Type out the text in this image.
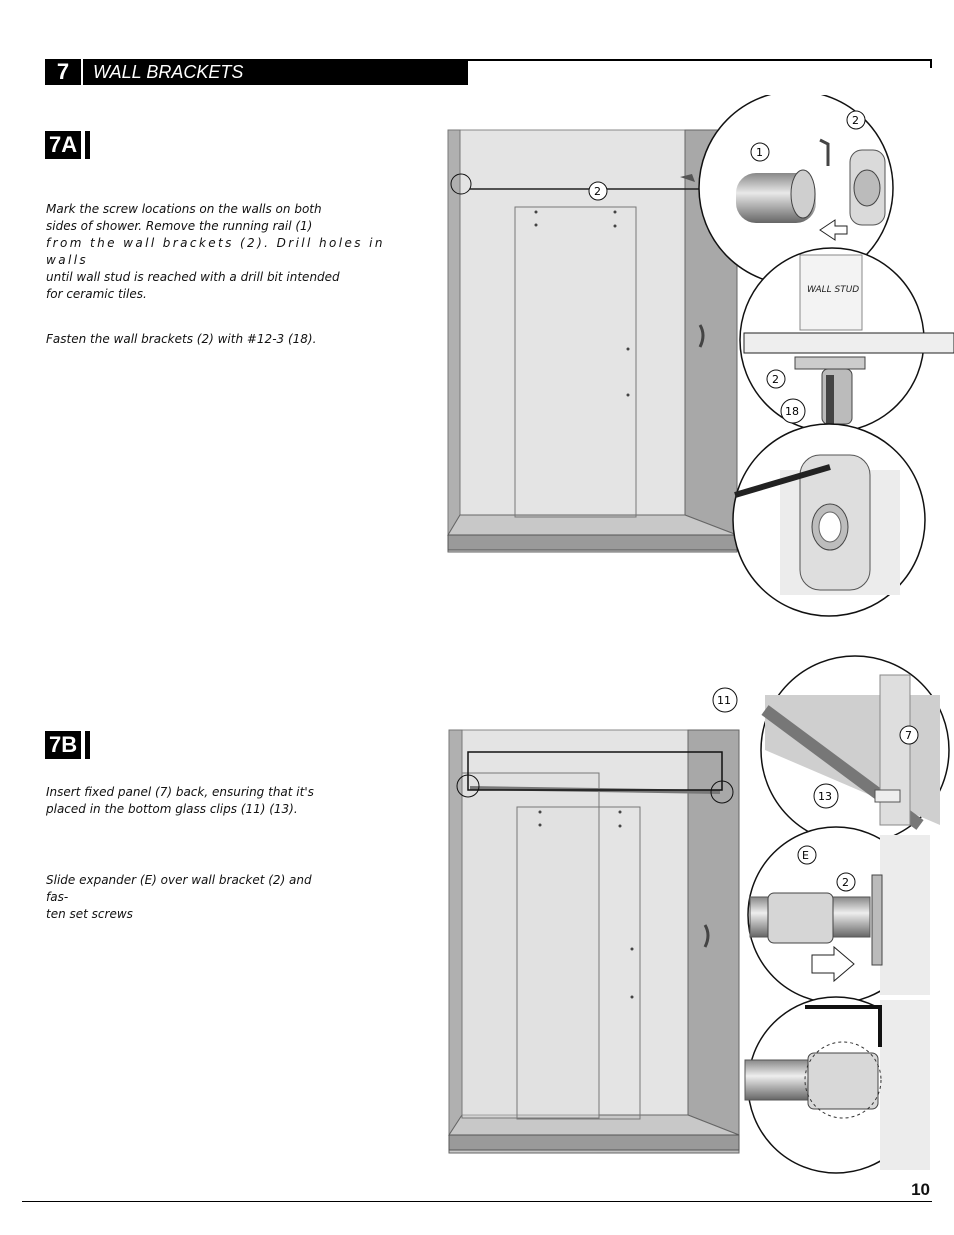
7	WALL BRACKETS
7A
Mark the screw locations on the walls on both
sides of shower. Remove the running rail (1)
from the wall brackets (2). Drill holes in walls
until wall stud is reached with a drill bit intended
for ceramic tiles.
Fasten the wall brackets (2) with #12-3 (18).
WALL STUD
1
2
2
2
18
7B
Insert fixed panel (7) back, ensuring that it's
placed in the bottom glass clips (11) (13).
Slide expander (E) over wall bracket (2) and fas-
ten set screws
11
7
13
E
2
10
